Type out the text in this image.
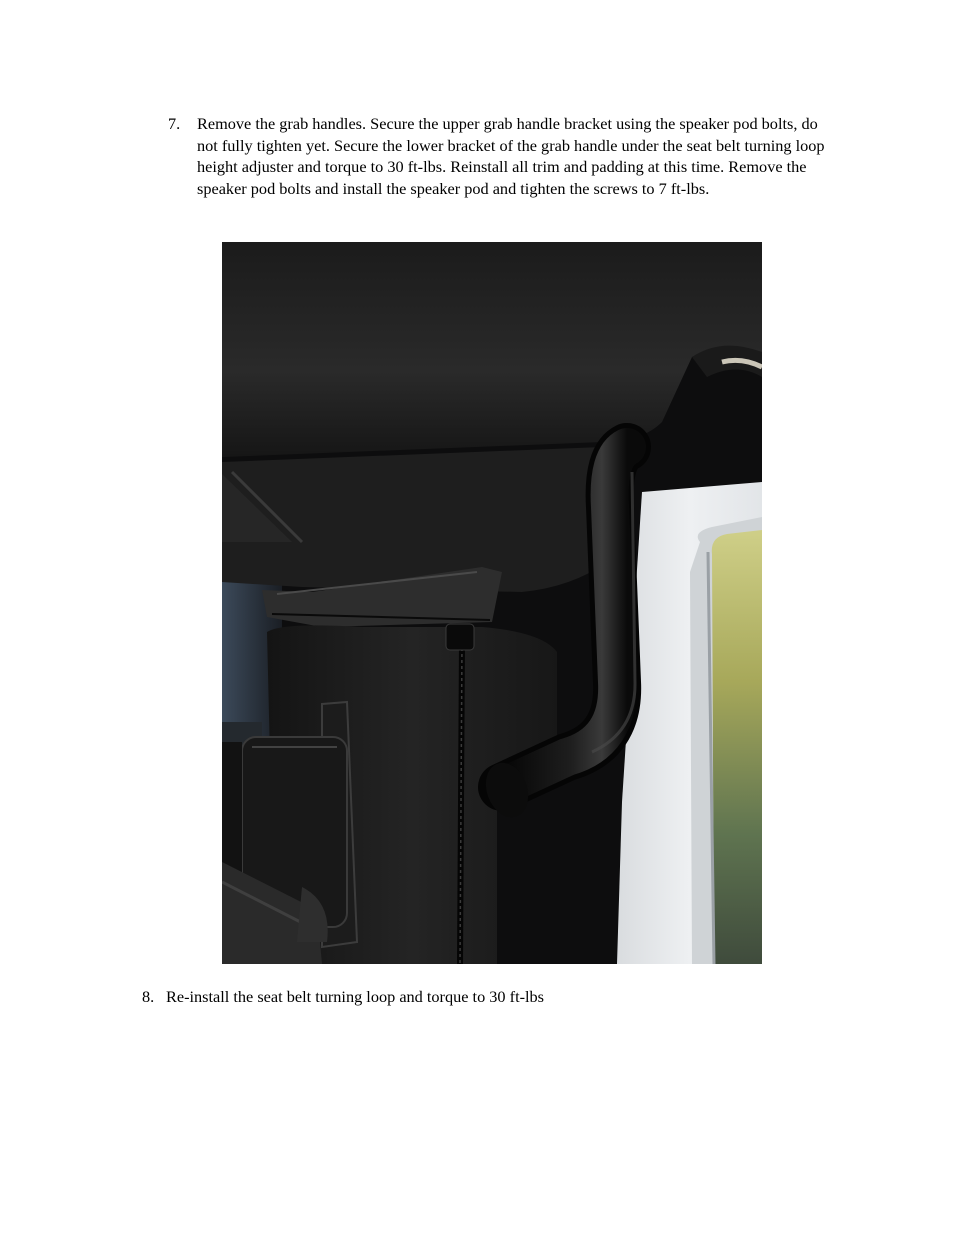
7. Remove the grab handles. Secure the upper grab handle bracket using the speaker pod bolts, do not fully tighten yet. Secure the lower bracket of the grab handle under the seat belt turning loop height adjuster and torque to 30 ft-lbs. Reinstall all trim and padding at this time. Remove the speaker pod bolts and install the speaker pod and tighten the screws to 7 ft-lbs.
8. Re-install the seat belt turning loop and torque to 30 ft-lbs
